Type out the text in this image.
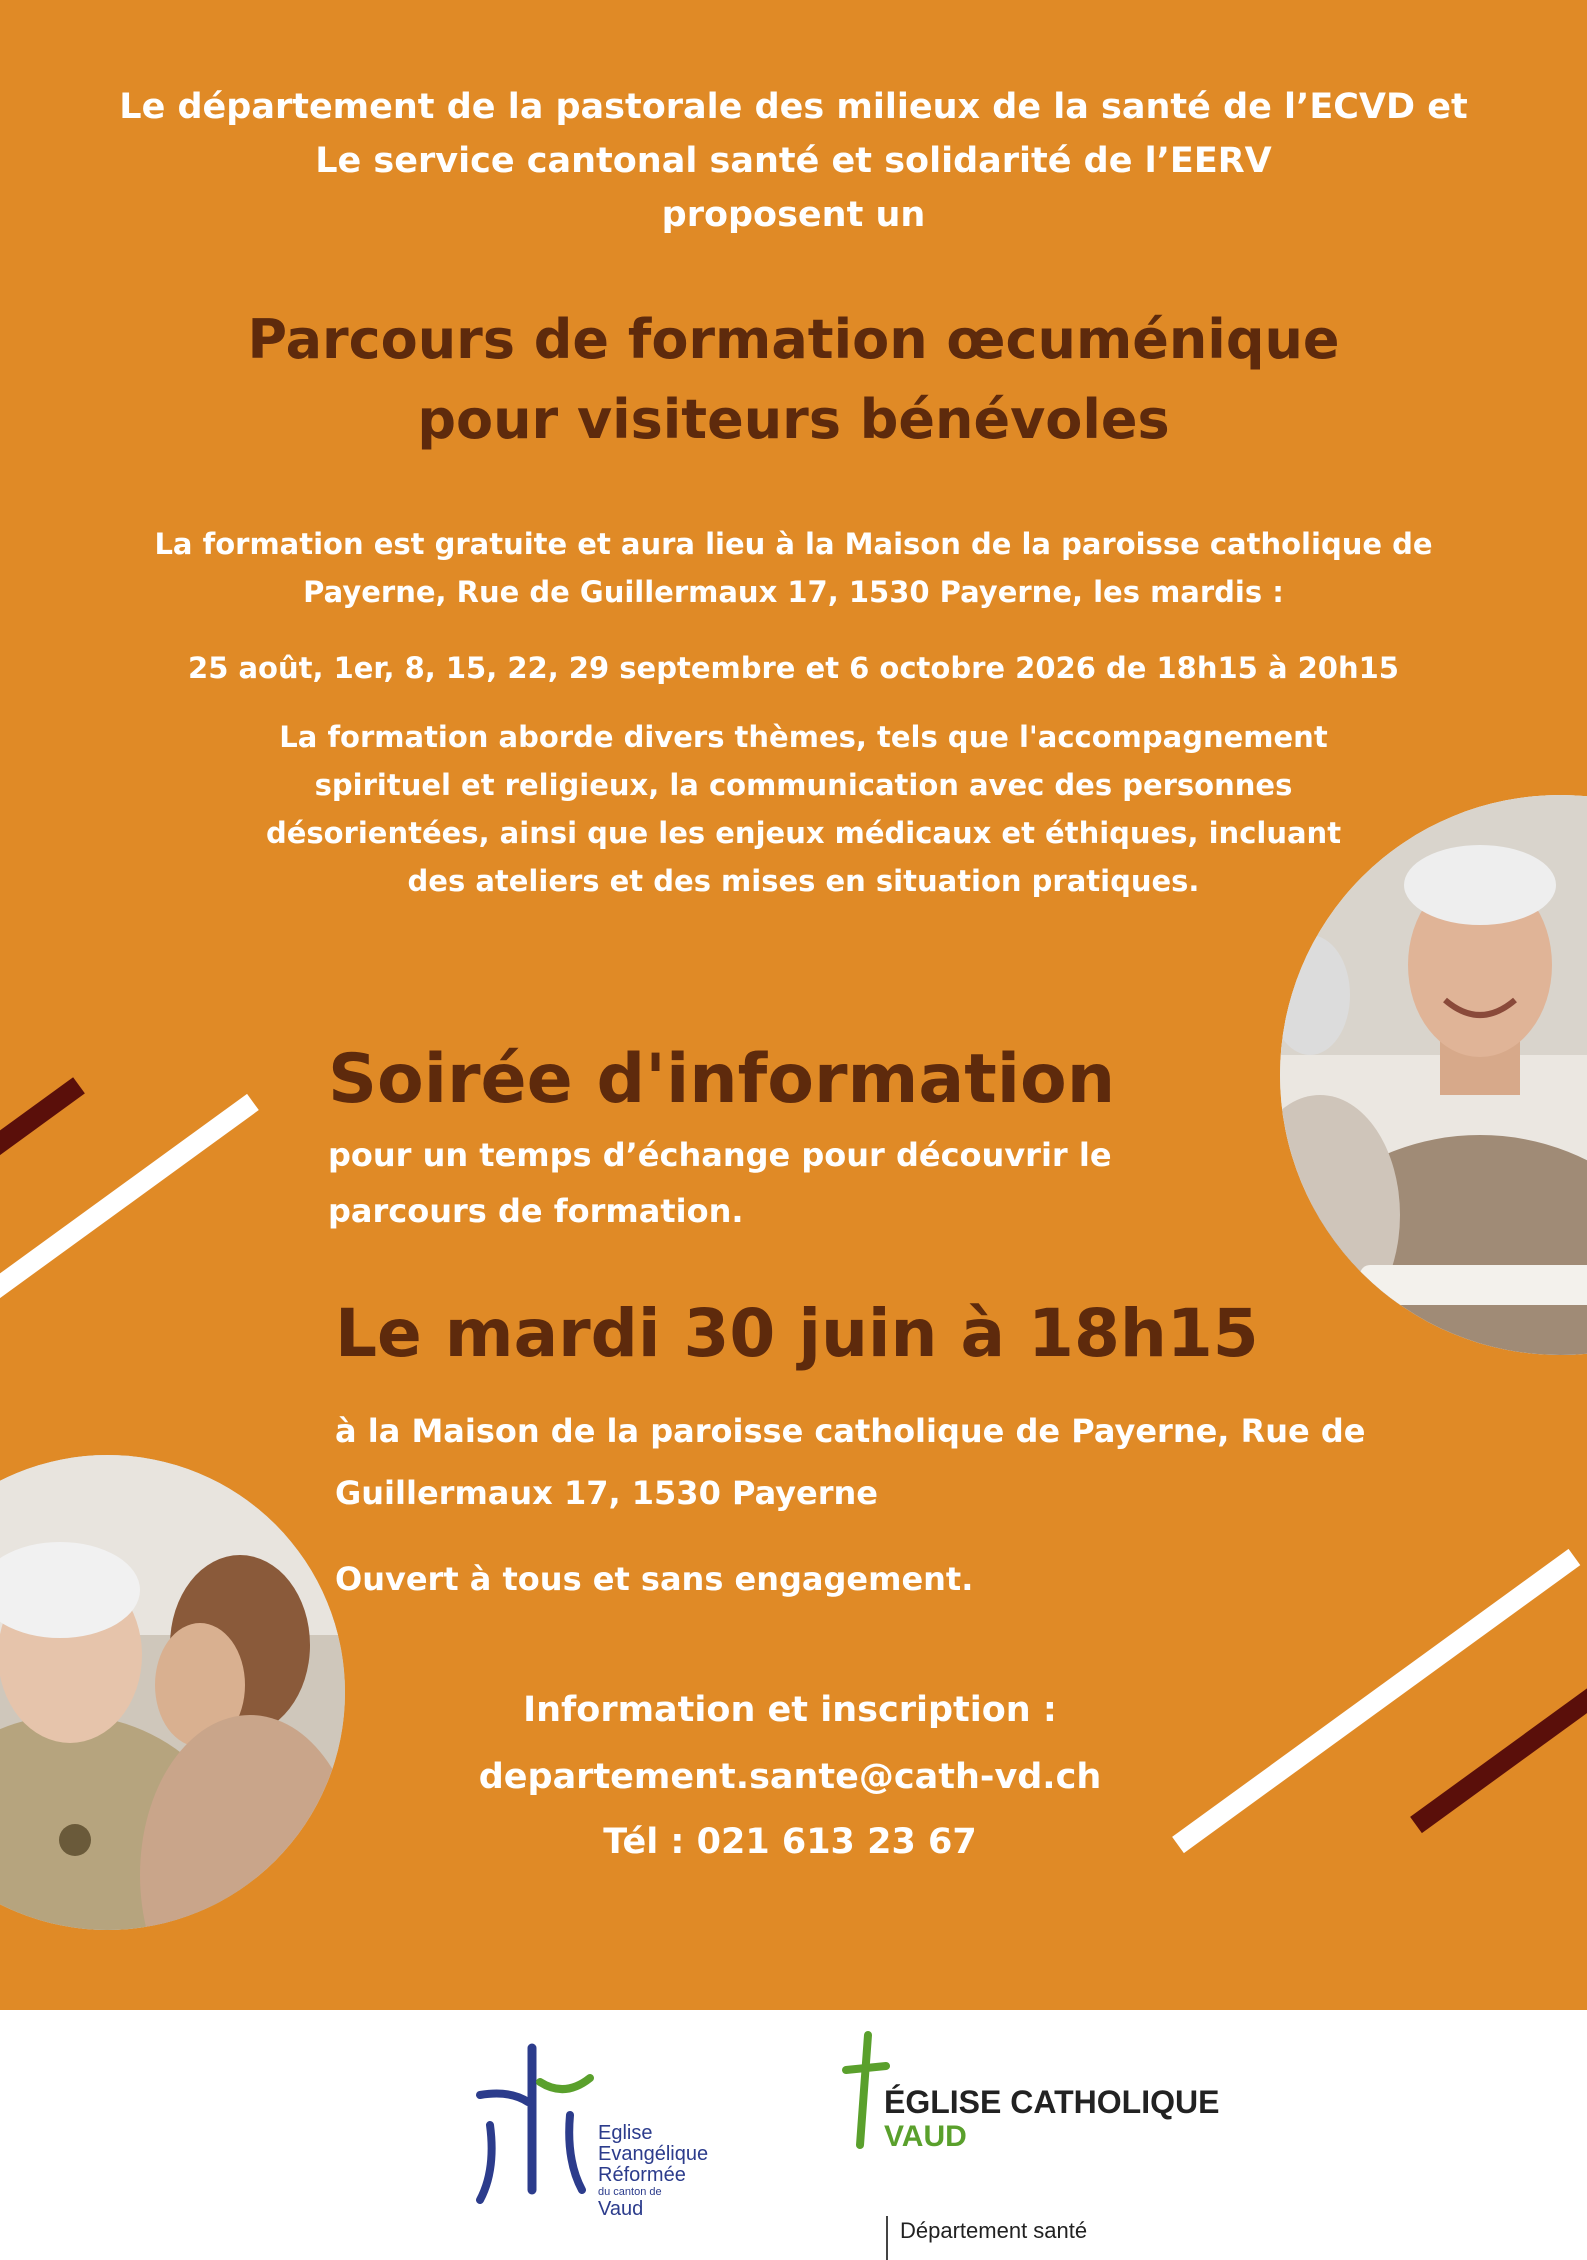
Le département de la pastorale des milieux de la santé de l’ECVD et
Le service cantonal santé et solidarité de l’EERV
proposent un
Parcours de formation œcuménique
pour visiteurs bénévoles
La formation est gratuite et aura lieu à la Maison de la paroisse catholique de
Payerne, Rue de Guillermaux 17, 1530 Payerne, les mardis :
25 août, 1er, 8, 15, 22, 29 septembre et 6 octobre 2026 de 18h15 à 20h15
La formation aborde divers thèmes, tels que l'accompagnement
spirituel et religieux, la communication avec des personnes
désorientées, ainsi que les enjeux médicaux et éthiques, incluant
des ateliers et des mises en situation pratiques.
Soirée d'information
pour un temps d’échange pour découvrir le
parcours de formation.
Le mardi 30 juin à 18h15
à la Maison de la paroisse catholique de Payerne, Rue de
Guillermaux 17, 1530 Payerne
Ouvert à tous et sans engagement.
Information et inscription :
departement.sante@cath-vd.ch
Tél : 021 613 23 67
Eglise
Evangélique
Réformée
du canton de
Vaud
ÉGLISE CATHOLIQUE
VAUD
Département santé
